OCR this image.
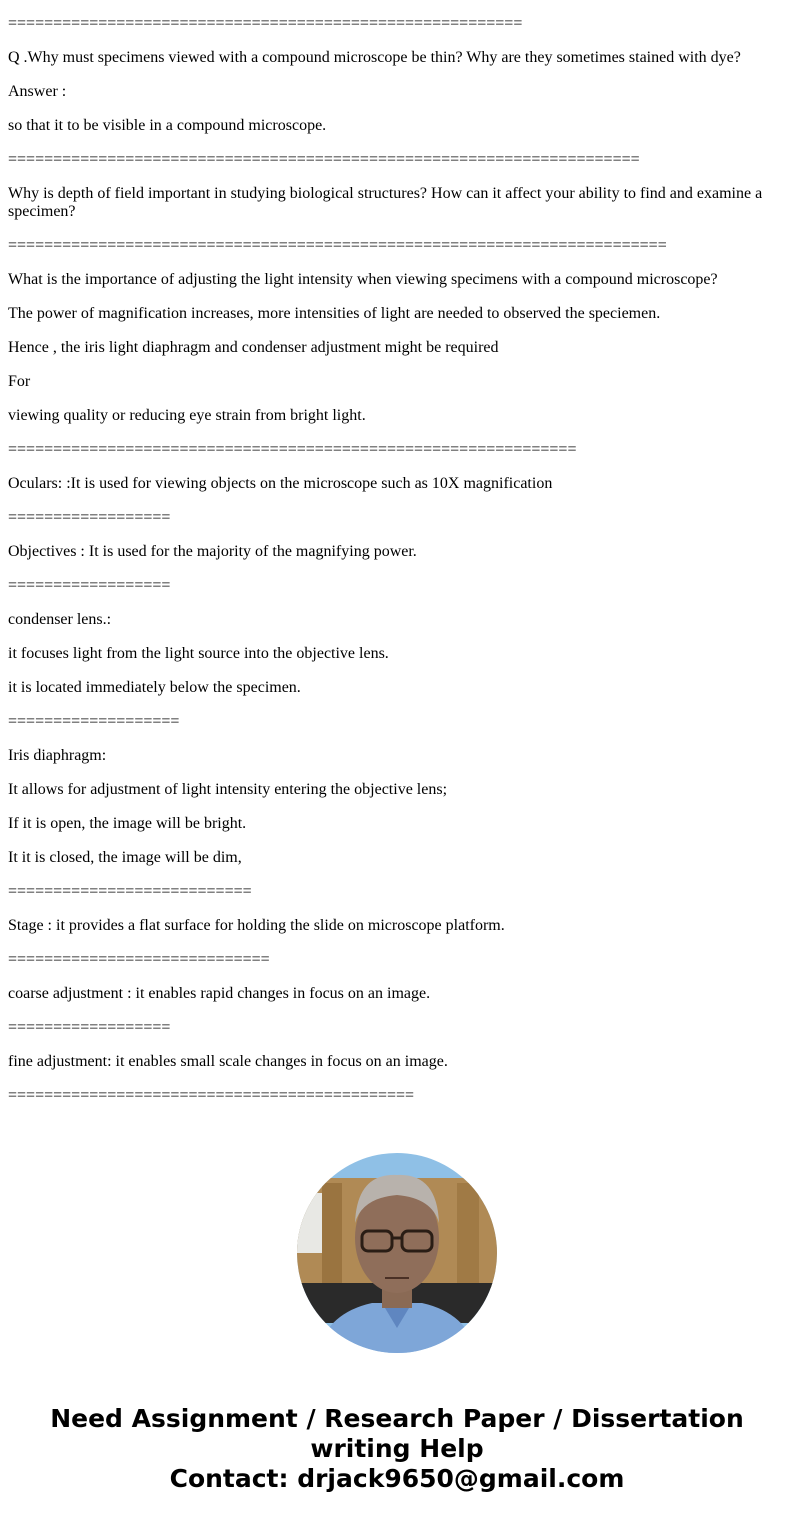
=========================================================

Q .Why must specimens viewed with a compound microscope be thin? Why are they sometimes stained with dye?

Answer :

so that it to be visible in a compound microscope.

======================================================================

Why is depth of field important in studying biological structures? How can it affect your ability to find and examine a specimen?

=========================================================================

What is the importance of adjusting the light intensity when viewing specimens with a compound microscope?

The power of magnification increases, more intensities of light are needed to observed the speciemen.

Hence , the iris light diaphragm and condenser adjustment might be required

For

viewing quality or reducing eye strain from bright light.

===============================================================

Oculars: :It is used for viewing objects on the microscope such as 10X magnification

==================

Objectives : It is used for the majority of the magnifying power.

==================

condenser lens.:

it focuses light from the light source into the objective lens.

it is located immediately below the specimen.

===================

Iris diaphragm:

It allows for adjustment of light intensity entering the objective lens;

If it is open, the image will be bright.

It it is closed, the image will be dim,

===========================

Stage : it provides a flat surface for holding the slide on microscope platform.

=============================

coarse adjustment : it enables rapid changes in focus on an image.

==================

fine adjustment: it enables small scale changes in focus on an image.

=============================================

Need Assignment / Research Paper / Dissertation
writing Help
Contact: drjack9650@gmail.com
